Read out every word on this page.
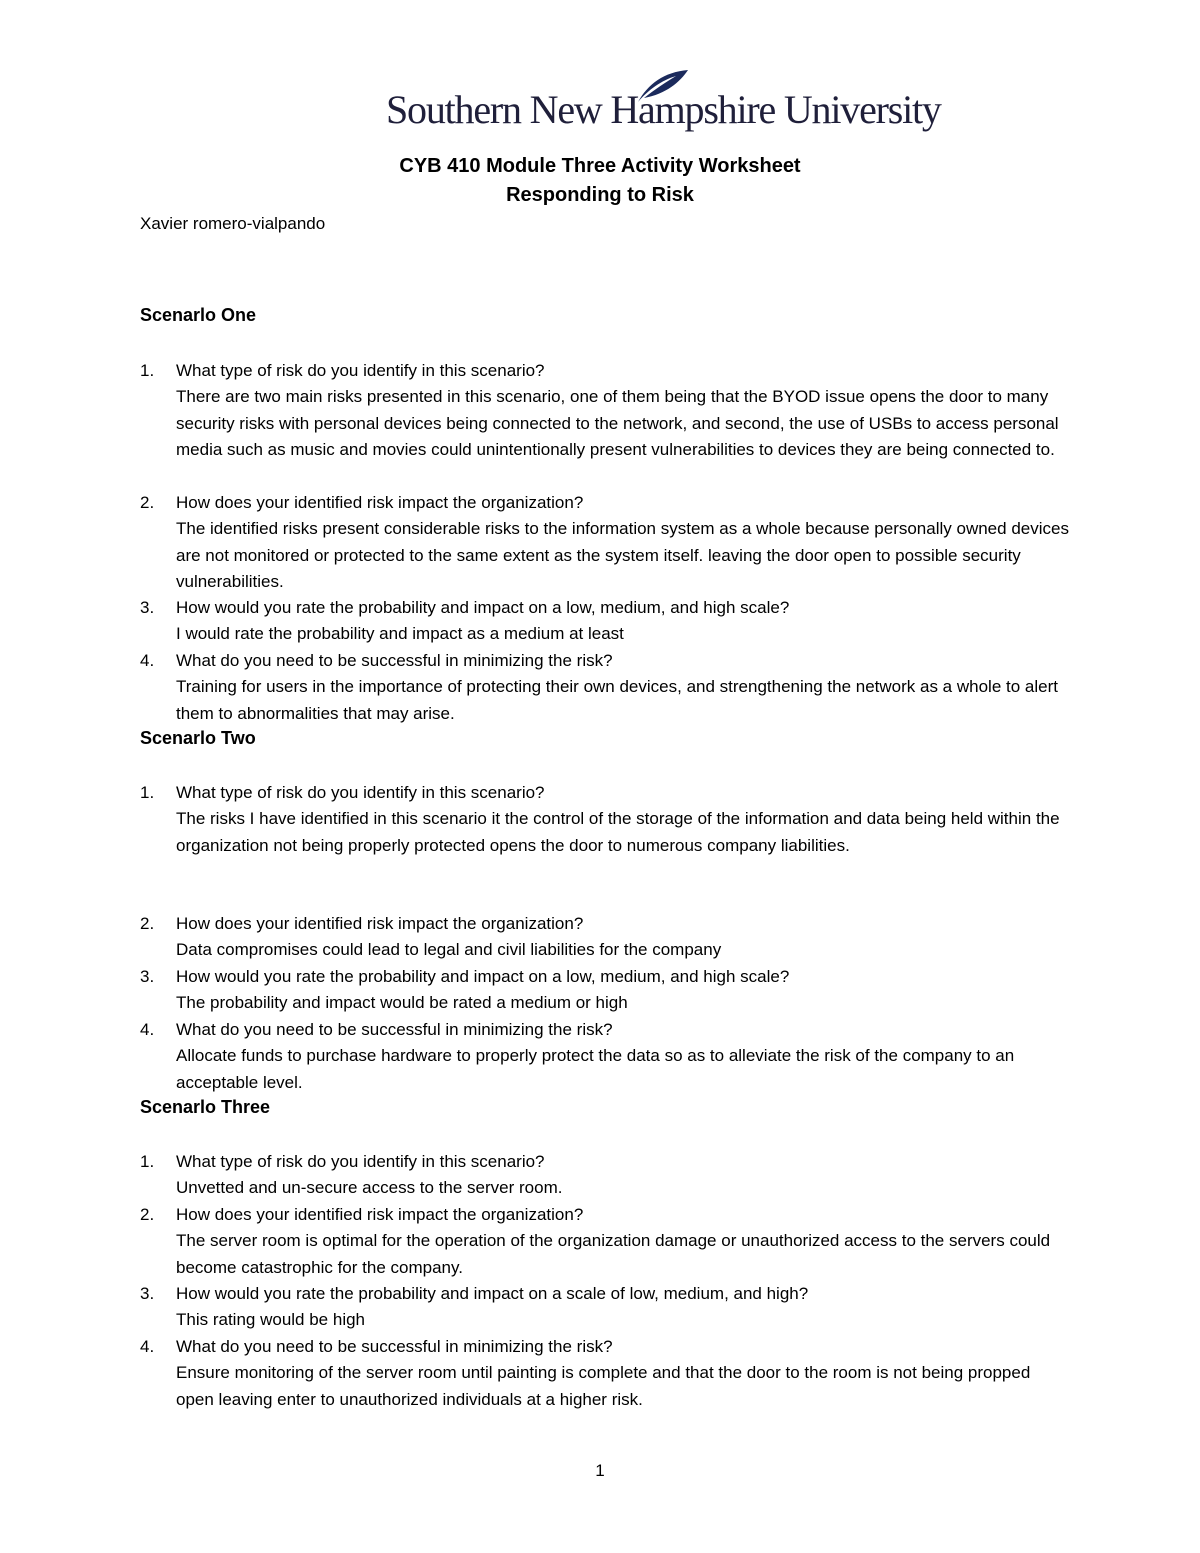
Southern New Hampshire University
CYB 410 Module Three Activity Worksheet
Responding to Risk
Xavier romero-vialpando
Scenarlo One
1. What type of risk do you identify in this scenario?
There are two main risks presented in this scenario, one of them being that the BYOD issue opens the door to many security risks with personal devices being connected to the network, and second, the use of USBs to access personal media such as music and movies could unintentionally present vulnerabilities to devices they are being connected to.
2. How does your identified risk impact the organization?
The identified risks present considerable risks to the information system as a whole because personally owned devices are not monitored or protected to the same extent as the system itself. leaving the door open to possible security vulnerabilities.
3. How would you rate the probability and impact on a low, medium, and high scale?
I would rate the probability and impact as a medium at least
4. What do you need to be successful in minimizing the risk?
Training for users in the importance of protecting their own devices, and strengthening the network as a whole to alert them to abnormalities that may arise.
Scenarlo Two
1. What type of risk do you identify in this scenario?
The risks I have identified in this scenario it the control of the storage of the information and data being held within the organization not being properly protected opens the door to numerous company liabilities.
2. How does your identified risk impact the organization?
Data compromises could lead to legal and civil liabilities for the company
3. How would you rate the probability and impact on a low, medium, and high scale?
The probability and impact would be rated a medium or high
4. What do you need to be successful in minimizing the risk?
Allocate funds to purchase hardware to properly protect the data so as to alleviate the risk of the company to an acceptable level.
Scenarlo Three
1. What type of risk do you identify in this scenario?
Unvetted and un-secure access to the server room.
2. How does your identified risk impact the organization?
The server room is optimal for the operation of the organization damage or unauthorized access to the servers could become catastrophic for the company.
3. How would you rate the probability and impact on a scale of low, medium, and high?
This rating would be high
4. What do you need to be successful in minimizing the risk?
Ensure monitoring of the server room until painting is complete and that the door to the room is not being propped open leaving enter to unauthorized individuals at a higher risk.
1
